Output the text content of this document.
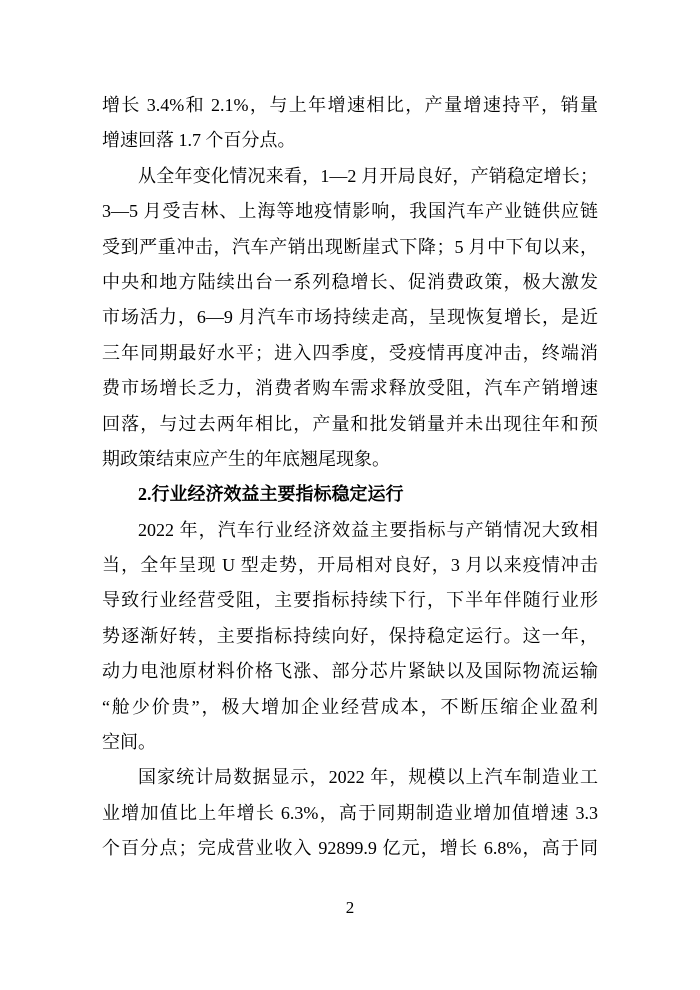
增长 3.4%和 2.1%，与上年增速相比，产量增速持平，销量
增速回落 1.7 个百分点。
从全年变化情况来看，1—2 月开局良好，产销稳定增长；
3—5 月受吉林、上海等地疫情影响，我国汽车产业链供应链
受到严重冲击，汽车产销出现断崖式下降；5 月中下旬以来，
中央和地方陆续出台一系列稳增长、促消费政策，极大激发
市场活力，6—9 月汽车市场持续走高，呈现恢复增长，是近
三年同期最好水平；进入四季度，受疫情再度冲击，终端消
费市场增长乏力，消费者购车需求释放受阻，汽车产销增速
回落，与过去两年相比，产量和批发销量并未出现往年和预
期政策结束应产生的年底翘尾现象。
2.行业经济效益主要指标稳定运行
2022 年，汽车行业经济效益主要指标与产销情况大致相
当，全年呈现 U 型走势，开局相对良好，3 月以来疫情冲击
导致行业经营受阻，主要指标持续下行，下半年伴随行业形
势逐渐好转，主要指标持续向好，保持稳定运行。这一年，
动力电池原材料价格飞涨、部分芯片紧缺以及国际物流运输
“舱少价贵”，极大增加企业经营成本，不断压缩企业盈利
空间。
国家统计局数据显示，2022 年，规模以上汽车制造业工
业增加值比上年增长 6.3%，高于同期制造业增加值增速 3.3
个百分点；完成营业收入 92899.9 亿元，增长 6.8%，高于同
2
